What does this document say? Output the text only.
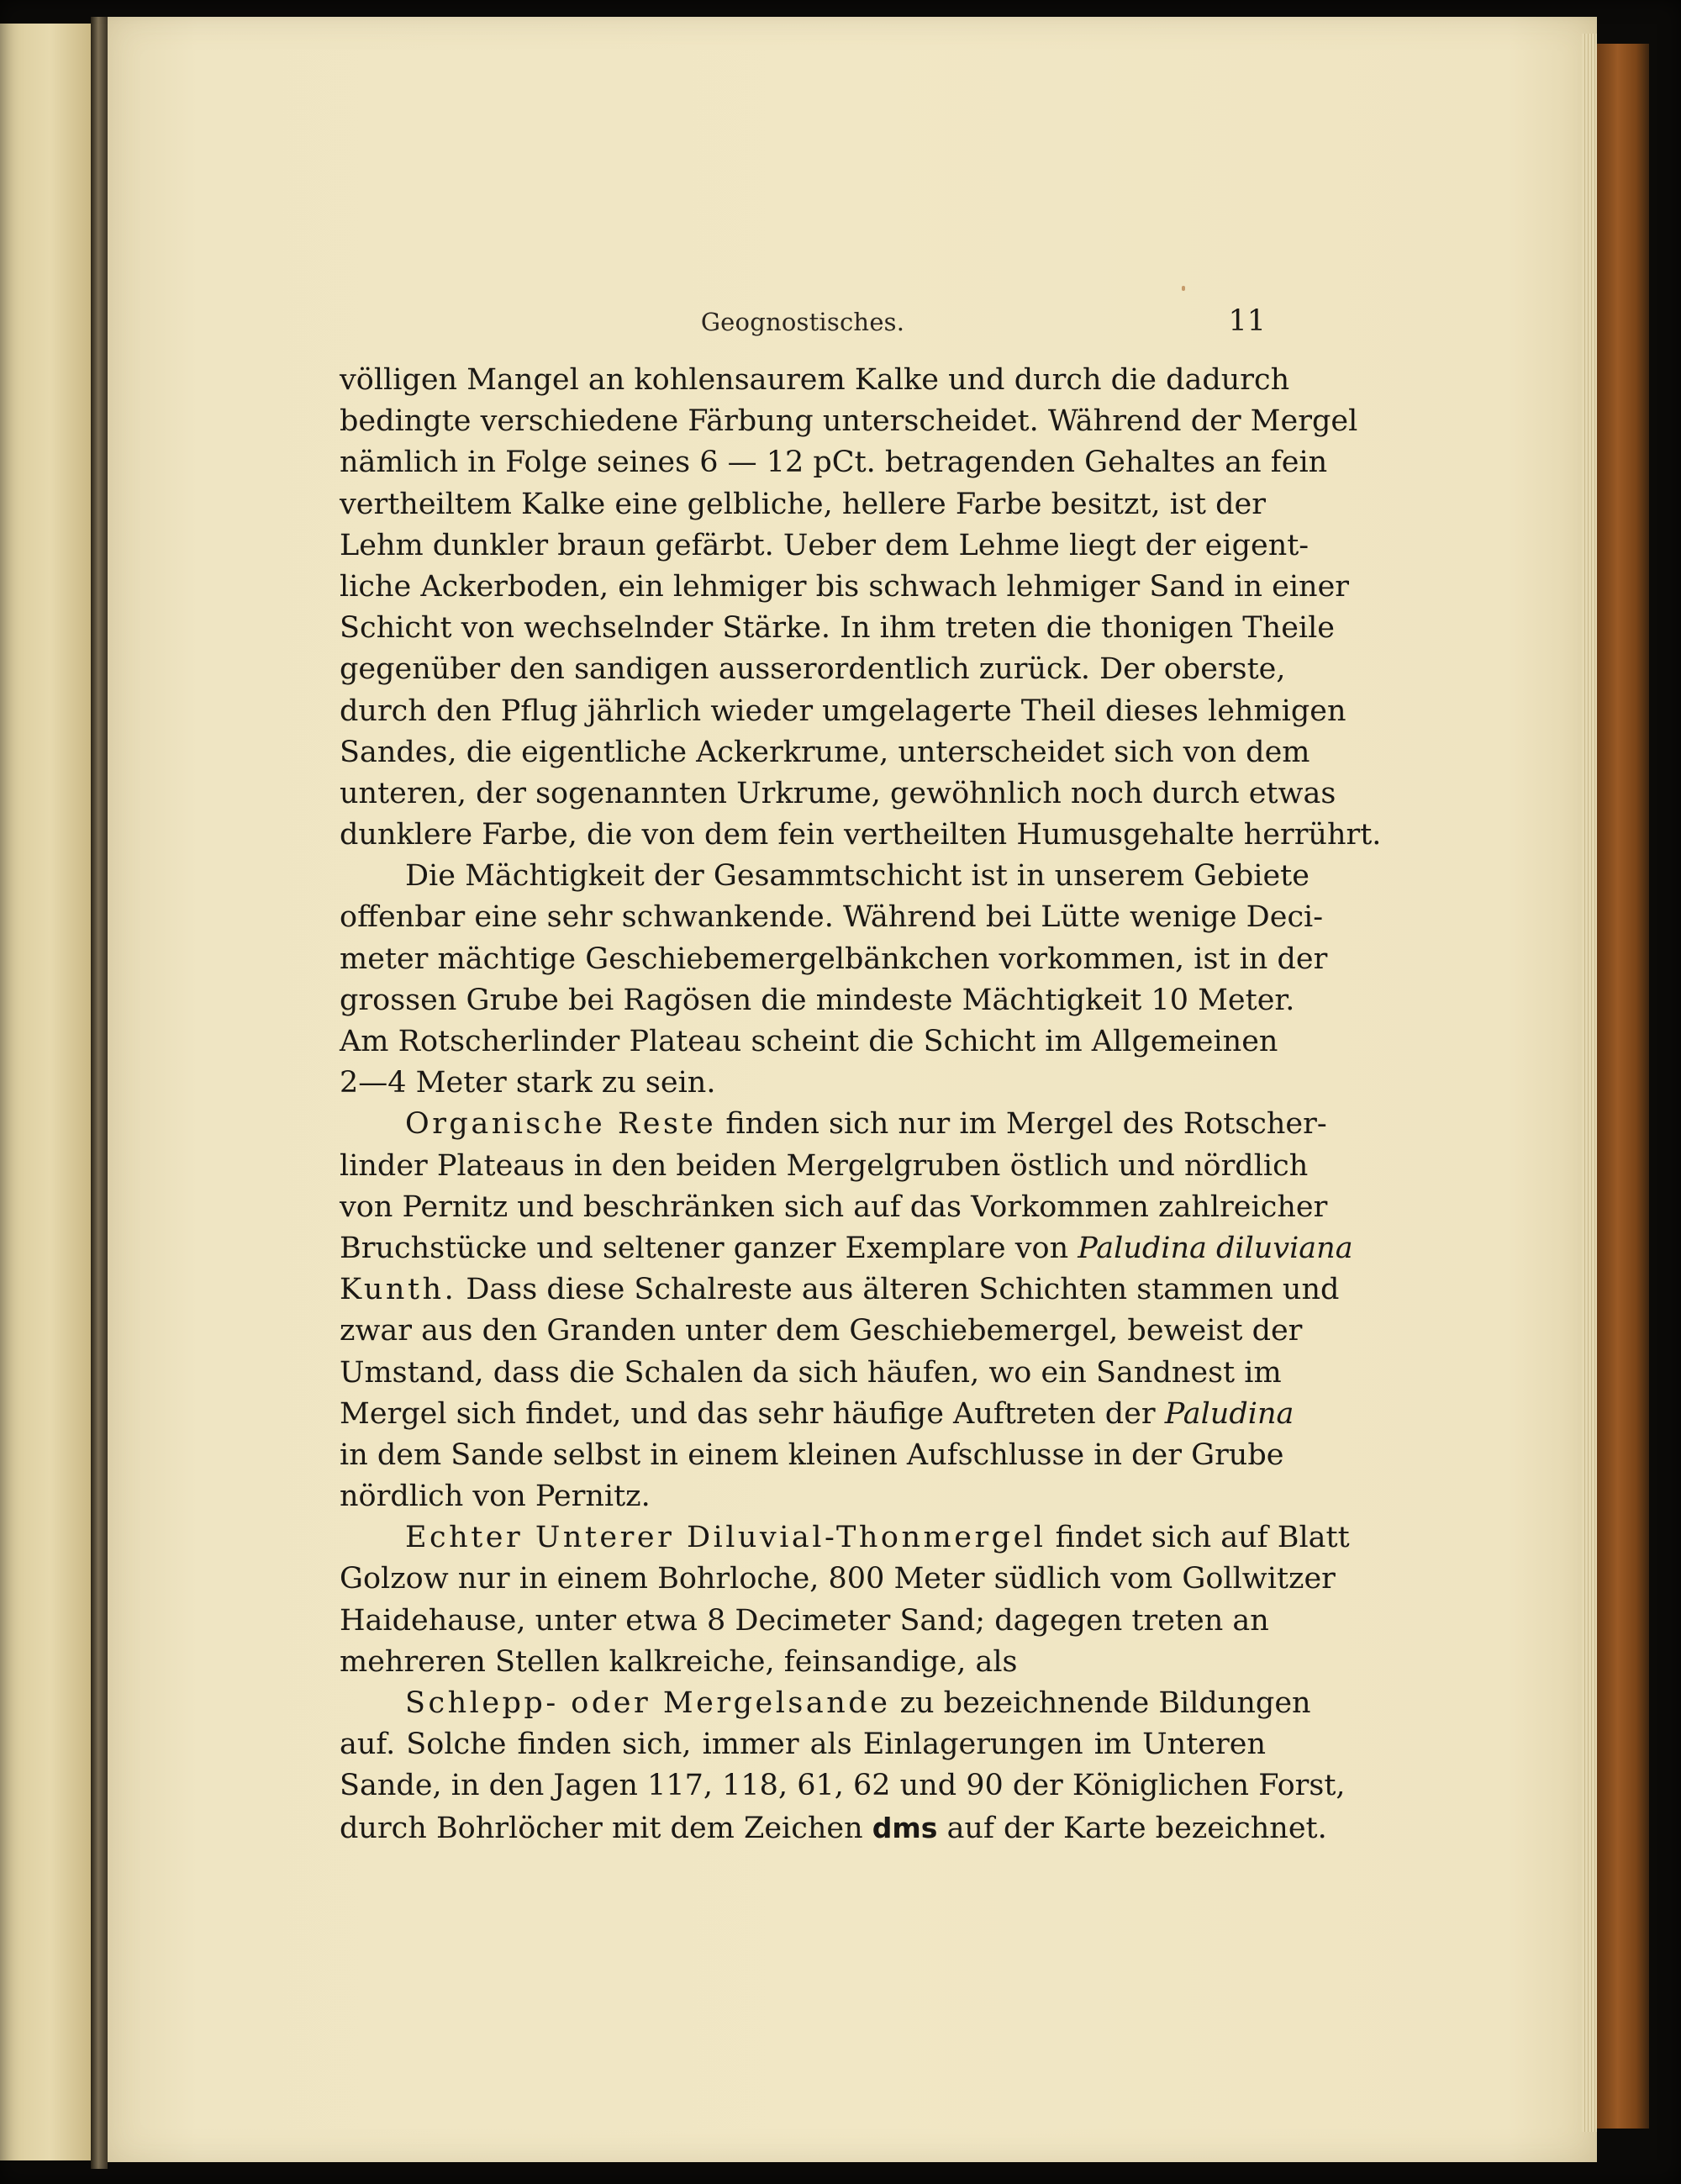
Geognostisches.	11
völligen Mangel an kohlensaurem Kalke und durch die dadurch
bedingte verschiedene Färbung unterscheidet. Während der Mergel
nämlich in Folge seines 6 — 12 pCt. betragenden Gehaltes an fein
vertheiltem Kalke eine gelbliche, hellere Farbe besitzt, ist der
Lehm dunkler braun gefärbt. Ueber dem Lehme liegt der eigent-
liche Ackerboden, ein lehmiger bis schwach lehmiger Sand in einer
Schicht von wechselnder Stärke. In ihm treten die thonigen Theile
gegenüber den sandigen ausserordentlich zurück. Der oberste,
durch den Pflug jährlich wieder umgelagerte Theil dieses lehmigen
Sandes, die eigentliche Ackerkrume, unterscheidet sich von dem
unteren, der sogenannten Urkrume, gewöhnlich noch durch etwas
dunklere Farbe, die von dem fein vertheilten Humusgehalte herrührt.
Die Mächtigkeit der Gesammtschicht ist in unserem Gebiete
offenbar eine sehr schwankende. Während bei Lütte wenige Deci-
meter mächtige Geschiebemergelbänkchen vorkommen, ist in der
grossen Grube bei Ragösen die mindeste Mächtigkeit 10 Meter.
Am Rotscherlinder Plateau scheint die Schicht im Allgemeinen
2—4 Meter stark zu sein.
Organische Reste finden sich nur im Mergel des Rotscher-
linder Plateaus in den beiden Mergelgruben östlich und nördlich
von Pernitz und beschränken sich auf das Vorkommen zahlreicher
Bruchstücke und seltener ganzer Exemplare von Paludina diluviana
Kunth. Dass diese Schalreste aus älteren Schichten stammen und
zwar aus den Granden unter dem Geschiebemergel, beweist der
Umstand, dass die Schalen da sich häufen, wo ein Sandnest im
Mergel sich findet, und das sehr häufige Auftreten der Paludina
in dem Sande selbst in einem kleinen Aufschlusse in der Grube
nördlich von Pernitz.
Echter Unterer Diluvial-Thonmergel findet sich auf Blatt
Golzow nur in einem Bohrloche, 800 Meter südlich vom Gollwitzer
Haidehause, unter etwa 8 Decimeter Sand; dagegen treten an
mehreren Stellen kalkreiche, feinsandige, als
Schlepp- oder Mergelsande zu bezeichnende Bildungen
auf. Solche finden sich, immer als Einlagerungen im Unteren
Sande, in den Jagen 117, 118, 61, 62 und 90 der Königlichen Forst,
durch Bohrlöcher mit dem Zeichen dms auf der Karte bezeichnet.
